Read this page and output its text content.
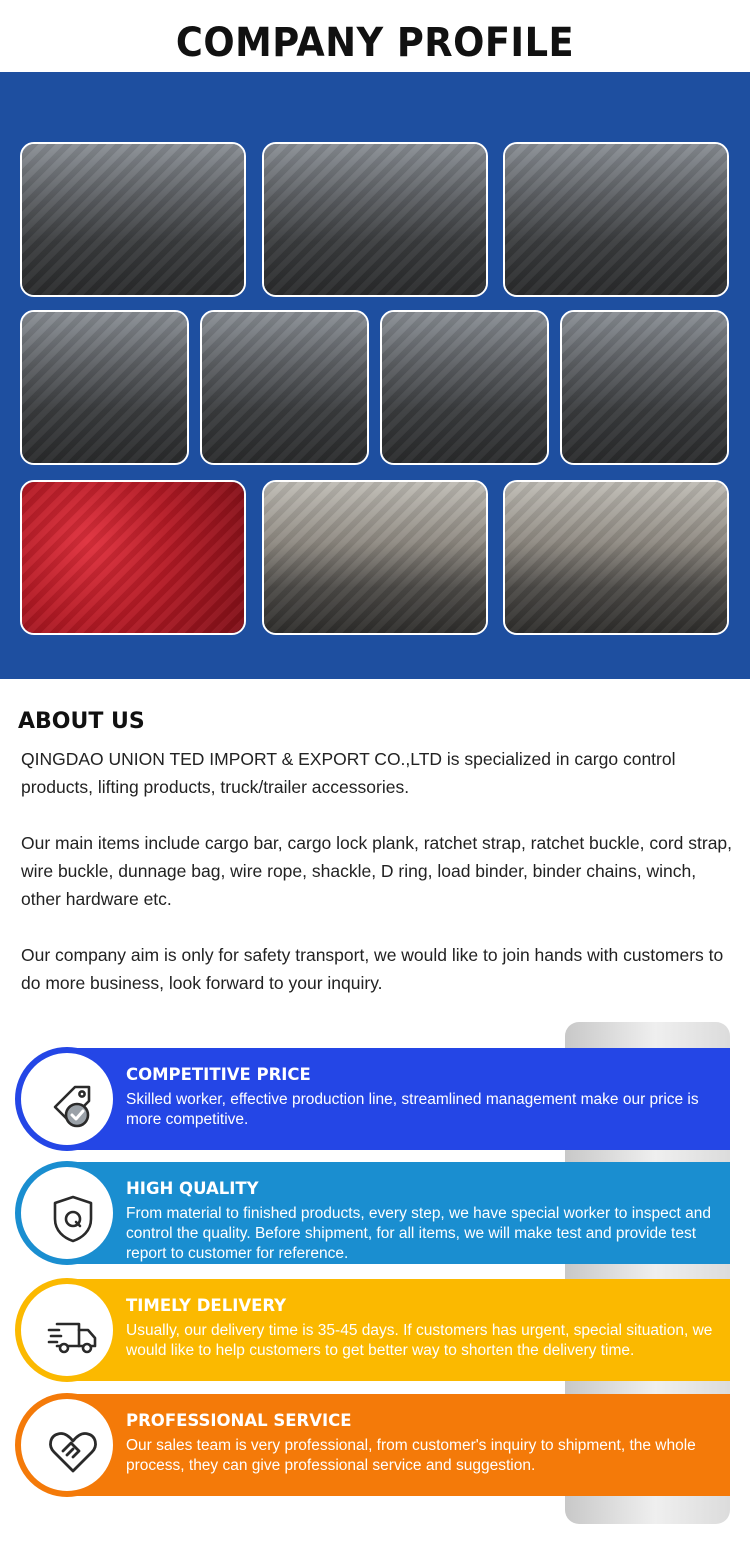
COMPANY PROFILE
ABOUT US

QINGDAO UNION TED IMPORT & EXPORT CO.,LTD is specialized in cargo control products, lifting products, truck/trailer accessories.

Our main items include cargo bar, cargo lock plank, ratchet strap, ratchet buckle, cord strap, wire buckle, dunnage bag, wire rope, shackle, D ring, load binder, binder chains, winch, other hardware etc.

Our company aim is only for safety transport, we would like to join hands with customers to do more business, look forward to your inquiry.

COMPETITIVE PRICE
Skilled worker, effective production line, streamlined management make our price is more competitive.
HIGH QUALITY
From material to finished products, every step, we have special worker to inspect and control the quality. Before shipment, for all items, we will make test and provide test report to customer for reference.
TIMELY DELIVERY
Usually, our delivery time is 35-45 days. If customers has urgent, special situation, we would like to help customers to get better way to shorten the delivery time.
PROFESSIONAL SERVICE
Our sales team is very professional, from customer's inquiry to shipment, the whole process, they can give professional service and suggestion.
